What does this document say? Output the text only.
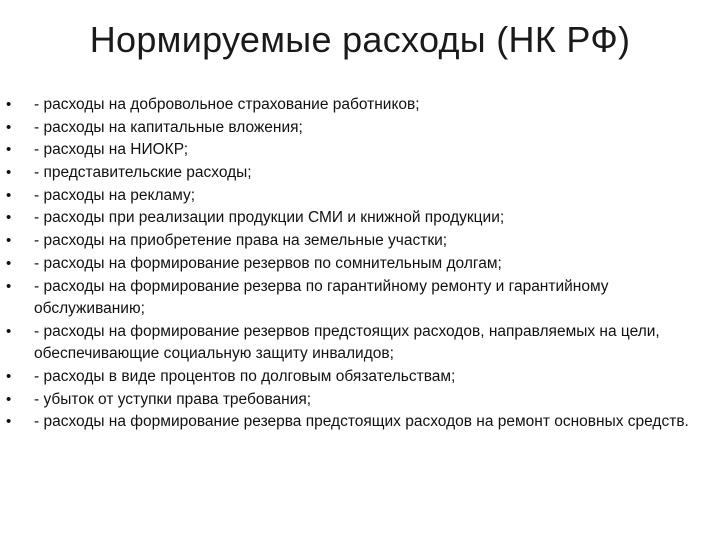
Нормируемые расходы (НК РФ)
• - расходы на добровольное страхование работников;
• - расходы на капитальные вложения;
• - расходы на НИОКР;
• - представительские расходы;
• - расходы на рекламу;
• - расходы при реализации продукции СМИ и книжной продукции;
• - расходы на приобретение права на земельные участки;
• - расходы на формирование резервов по сомнительным долгам;
• - расходы на формирование резерва по гарантийному ремонту и гарантийному обслуживанию;
• - расходы на формирование резервов предстоящих расходов, направляемых на цели, обеспечивающие социальную защиту инвалидов;
• - расходы в виде процентов по долговым обязательствам;
• - убыток от уступки права требования;
• - расходы на формирование резерва предстоящих расходов на ремонт основных средств.
